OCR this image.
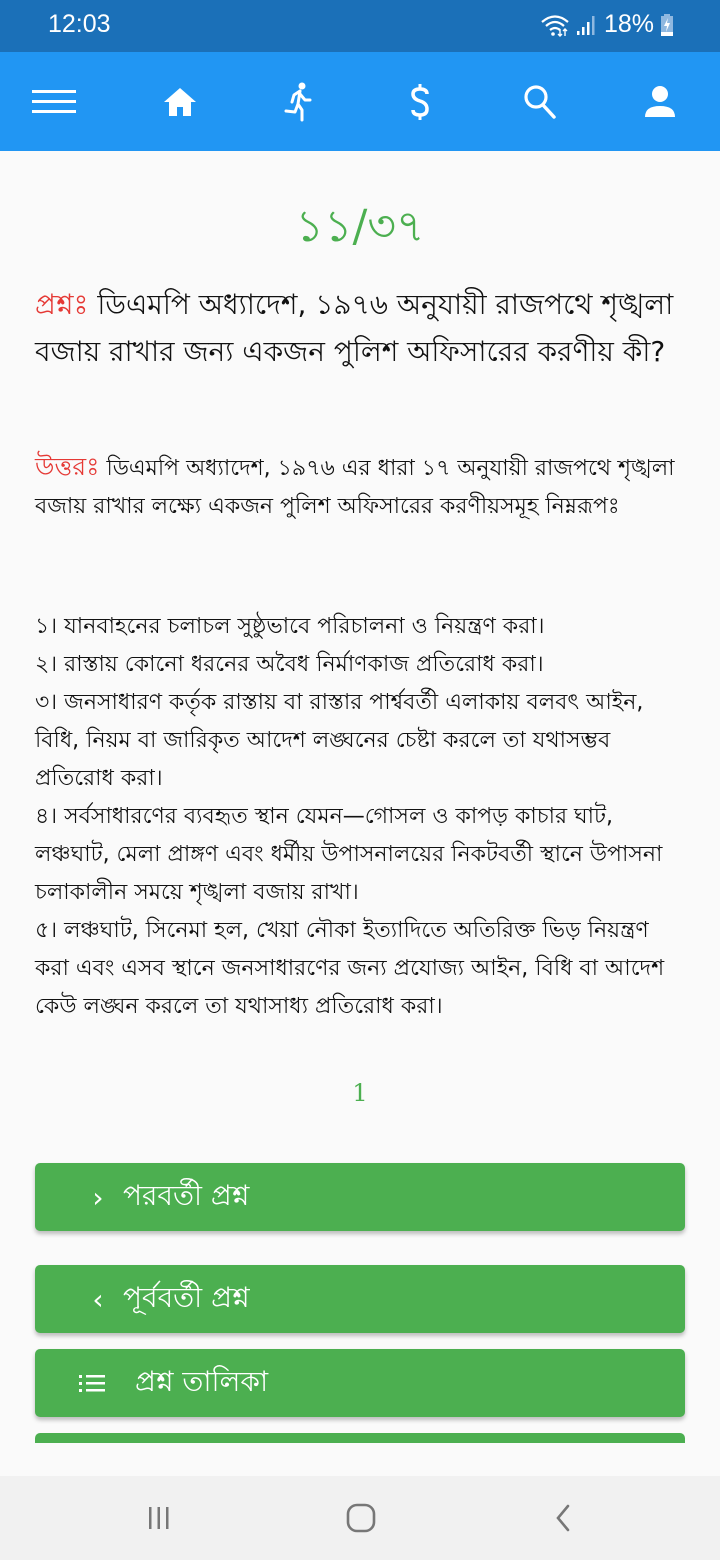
12:03	18%
১১/৩৭
প্রশ্নঃ ডিএমপি অধ্যাদেশ, ১৯৭৬ অনুযায়ী রাজপথে শৃঙ্খলা বজায় রাখার জন্য একজন পুলিশ অফিসারের করণীয় কী?
উত্তরঃ ডিএমপি অধ্যাদেশ, ১৯৭৬ এর ধারা ১৭ অনুযায়ী রাজপথে শৃঙ্খলা বজায় রাখার লক্ষ্যে একজন পুলিশ অফিসারের করণীয়সমূহ নিম্নরূপঃ
১। যানবাহনের চলাচল সুষ্ঠুভাবে পরিচালনা ও নিয়ন্ত্রণ করা।
২। রাস্তায় কোনো ধরনের অবৈধ নির্মাণকাজ প্রতিরোধ করা।
৩। জনসাধারণ কর্তৃক রাস্তায় বা রাস্তার পার্শ্ববর্তী এলাকায় বলবৎ আইন, বিধি, নিয়ম বা জারিকৃত আদেশ লঙ্ঘনের চেষ্টা করলে তা যথাসম্ভব প্রতিরোধ করা।
৪। সর্বসাধারণের ব্যবহৃত স্থান যেমন—গোসল ও কাপড় কাচার ঘাট, লঞ্চঘাট, মেলা প্রাঙ্গণ এবং ধর্মীয় উপাসনালয়ের নিকটবর্তী স্থানে উপাসনা চলাকালীন সময়ে শৃঙ্খলা বজায় রাখা।
৫। লঞ্চঘাট, সিনেমা হল, খেয়া নৌকা ইত্যাদিতে অতিরিক্ত ভিড় নিয়ন্ত্রণ করা এবং এসব স্থানে জনসাধারণের জন্য প্রযোজ্য আইন, বিধি বা আদেশ কেউ লঙ্ঘন করলে তা যথাসাধ্য প্রতিরোধ করা।
1
› পরবর্তী প্রশ্ন
‹ পূর্ববর্তী প্রশ্ন
প্রশ্ন তালিকা
